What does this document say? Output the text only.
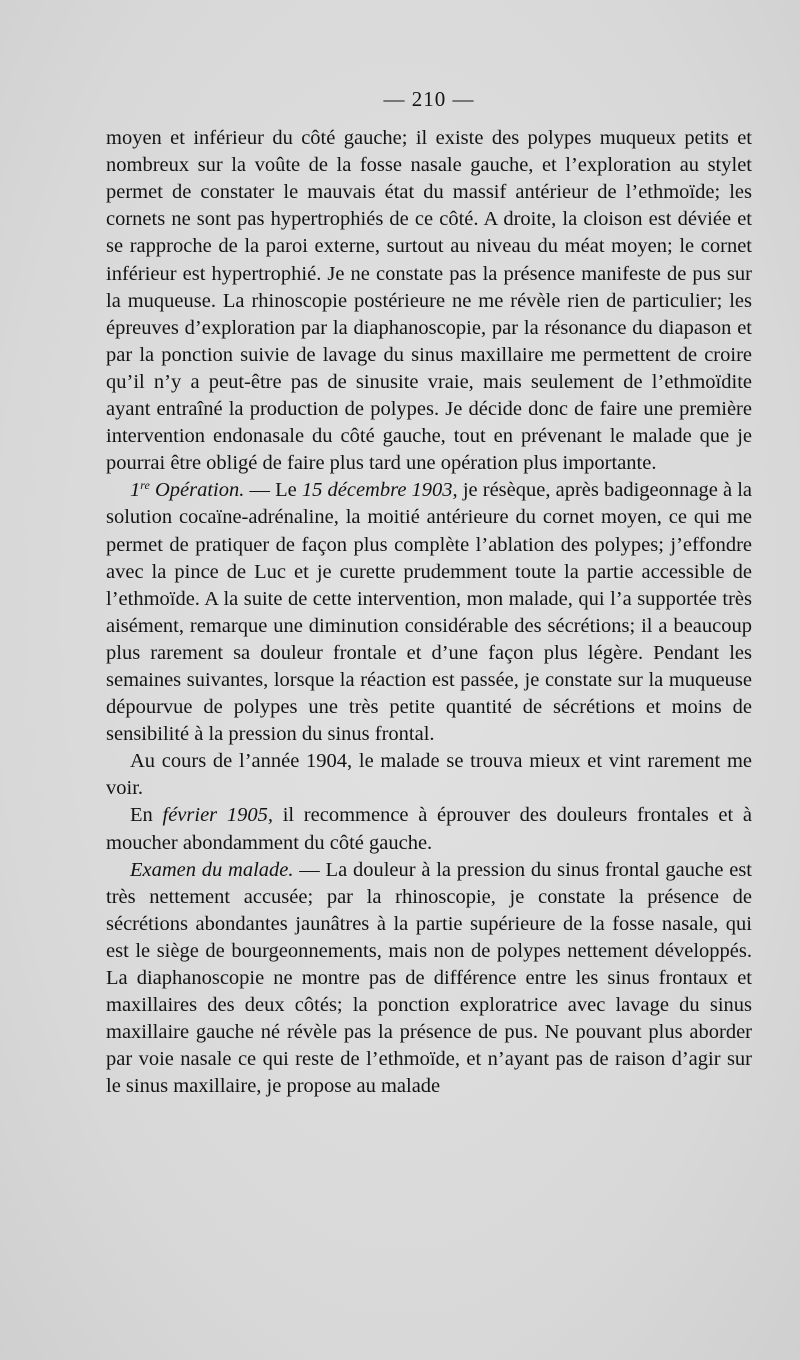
— 210 —

moyen et inférieur du côté gauche; il existe des polypes muqueux petits et nombreux sur la voûte de la fosse nasale gauche, et l’exploration au stylet permet de constater le mauvais état du massif antérieur de l’ethmoïde; les cornets ne sont pas hypertrophiés de ce côté. A droite, la cloison est déviée et se rapproche de la paroi externe, surtout au niveau du méat moyen; le cornet inférieur est hypertrophié. Je ne constate pas la présence manifeste de pus sur la muqueuse. La rhinoscopie postérieure ne me révèle rien de particulier; les épreuves d’exploration par la diaphanoscopie, par la résonance du diapason et par la ponction suivie de lavage du sinus maxillaire me permettent de croire qu’il n’y a peut-être pas de sinusite vraie, mais seulement de l’ethmoïdite ayant entraîné la production de polypes. Je décide donc de faire une première intervention endonasale du côté gauche, tout en prévenant le malade que je pourrai être obligé de faire plus tard une opération plus importante.

1re Opération. — Le 15 décembre 1903, je résèque, après badigeonnage à la solution cocaïne-adrénaline, la moitié antérieure du cornet moyen, ce qui me permet de pratiquer de façon plus complète l’ablation des polypes; j’effondre avec la pince de Luc et je curette prudemment toute la partie accessible de l’ethmoïde. A la suite de cette intervention, mon malade, qui l’a supportée très aisément, remarque une diminution considérable des sécrétions; il a beaucoup plus rarement sa douleur frontale et d’une façon plus légère. Pendant les semaines suivantes, lorsque la réaction est passée, je constate sur la muqueuse dépourvue de polypes une très petite quantité de sécrétions et moins de sensibilité à la pression du sinus frontal.

Au cours de l’année 1904, le malade se trouva mieux et vint rarement me voir.

En février 1905, il recommence à éprouver des douleurs frontales et à moucher abondamment du côté gauche.

Examen du malade. — La douleur à la pression du sinus frontal gauche est très nettement accusée; par la rhinoscopie, je constate la présence de sécrétions abondantes jaunâtres à la partie supérieure de la fosse nasale, qui est le siège de bourgeonnements, mais non de polypes nettement développés. La diaphanoscopie ne montre pas de différence entre les sinus frontaux et maxillaires des deux côtés; la ponction exploratrice avec lavage du sinus maxillaire gauche né révèle pas la présence de pus. Ne pouvant plus aborder par voie nasale ce qui reste de l’ethmoïde, et n’ayant pas de raison d’agir sur le sinus maxillaire, je propose au malade
